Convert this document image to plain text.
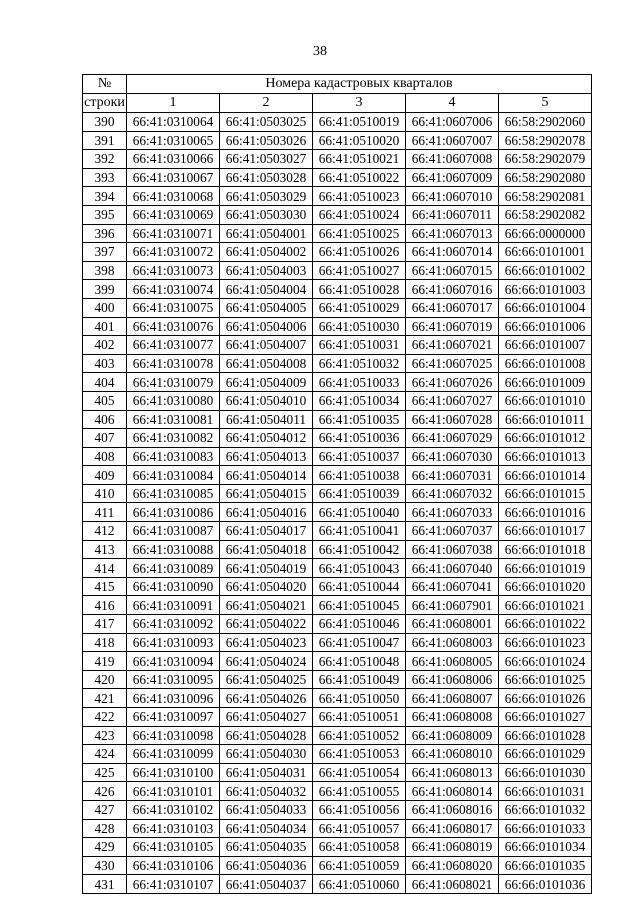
38
№	Номера кадастровых кварталов				
строки	1	2	3	4	5
390	66:41:0310064	66:41:0503025	66:41:0510019	66:41:0607006	66:58:2902060
391	66:41:0310065	66:41:0503026	66:41:0510020	66:41:0607007	66:58:2902078
392	66:41:0310066	66:41:0503027	66:41:0510021	66:41:0607008	66:58:2902079
393	66:41:0310067	66:41:0503028	66:41:0510022	66:41:0607009	66:58:2902080
394	66:41:0310068	66:41:0503029	66:41:0510023	66:41:0607010	66:58:2902081
395	66:41:0310069	66:41:0503030	66:41:0510024	66:41:0607011	66:58:2902082
396	66:41:0310071	66:41:0504001	66:41:0510025	66:41:0607013	66:66:0000000
397	66:41:0310072	66:41:0504002	66:41:0510026	66:41:0607014	66:66:0101001
398	66:41:0310073	66:41:0504003	66:41:0510027	66:41:0607015	66:66:0101002
399	66:41:0310074	66:41:0504004	66:41:0510028	66:41:0607016	66:66:0101003
400	66:41:0310075	66:41:0504005	66:41:0510029	66:41:0607017	66:66:0101004
401	66:41:0310076	66:41:0504006	66:41:0510030	66:41:0607019	66:66:0101006
402	66:41:0310077	66:41:0504007	66:41:0510031	66:41:0607021	66:66:0101007
403	66:41:0310078	66:41:0504008	66:41:0510032	66:41:0607025	66:66:0101008
404	66:41:0310079	66:41:0504009	66:41:0510033	66:41:0607026	66:66:0101009
405	66:41:0310080	66:41:0504010	66:41:0510034	66:41:0607027	66:66:0101010
406	66:41:0310081	66:41:0504011	66:41:0510035	66:41:0607028	66:66:0101011
407	66:41:0310082	66:41:0504012	66:41:0510036	66:41:0607029	66:66:0101012
408	66:41:0310083	66:41:0504013	66:41:0510037	66:41:0607030	66:66:0101013
409	66:41:0310084	66:41:0504014	66:41:0510038	66:41:0607031	66:66:0101014
410	66:41:0310085	66:41:0504015	66:41:0510039	66:41:0607032	66:66:0101015
411	66:41:0310086	66:41:0504016	66:41:0510040	66:41:0607033	66:66:0101016
412	66:41:0310087	66:41:0504017	66:41:0510041	66:41:0607037	66:66:0101017
413	66:41:0310088	66:41:0504018	66:41:0510042	66:41:0607038	66:66:0101018
414	66:41:0310089	66:41:0504019	66:41:0510043	66:41:0607040	66:66:0101019
415	66:41:0310090	66:41:0504020	66:41:0510044	66:41:0607041	66:66:0101020
416	66:41:0310091	66:41:0504021	66:41:0510045	66:41:0607901	66:66:0101021
417	66:41:0310092	66:41:0504022	66:41:0510046	66:41:0608001	66:66:0101022
418	66:41:0310093	66:41:0504023	66:41:0510047	66:41:0608003	66:66:0101023
419	66:41:0310094	66:41:0504024	66:41:0510048	66:41:0608005	66:66:0101024
420	66:41:0310095	66:41:0504025	66:41:0510049	66:41:0608006	66:66:0101025
421	66:41:0310096	66:41:0504026	66:41:0510050	66:41:0608007	66:66:0101026
422	66:41:0310097	66:41:0504027	66:41:0510051	66:41:0608008	66:66:0101027
423	66:41:0310098	66:41:0504028	66:41:0510052	66:41:0608009	66:66:0101028
424	66:41:0310099	66:41:0504030	66:41:0510053	66:41:0608010	66:66:0101029
425	66:41:0310100	66:41:0504031	66:41:0510054	66:41:0608013	66:66:0101030
426	66:41:0310101	66:41:0504032	66:41:0510055	66:41:0608014	66:66:0101031
427	66:41:0310102	66:41:0504033	66:41:0510056	66:41:0608016	66:66:0101032
428	66:41:0310103	66:41:0504034	66:41:0510057	66:41:0608017	66:66:0101033
429	66:41:0310105	66:41:0504035	66:41:0510058	66:41:0608019	66:66:0101034
430	66:41:0310106	66:41:0504036	66:41:0510059	66:41:0608020	66:66:0101035
431	66:41:0310107	66:41:0504037	66:41:0510060	66:41:0608021	66:66:0101036
